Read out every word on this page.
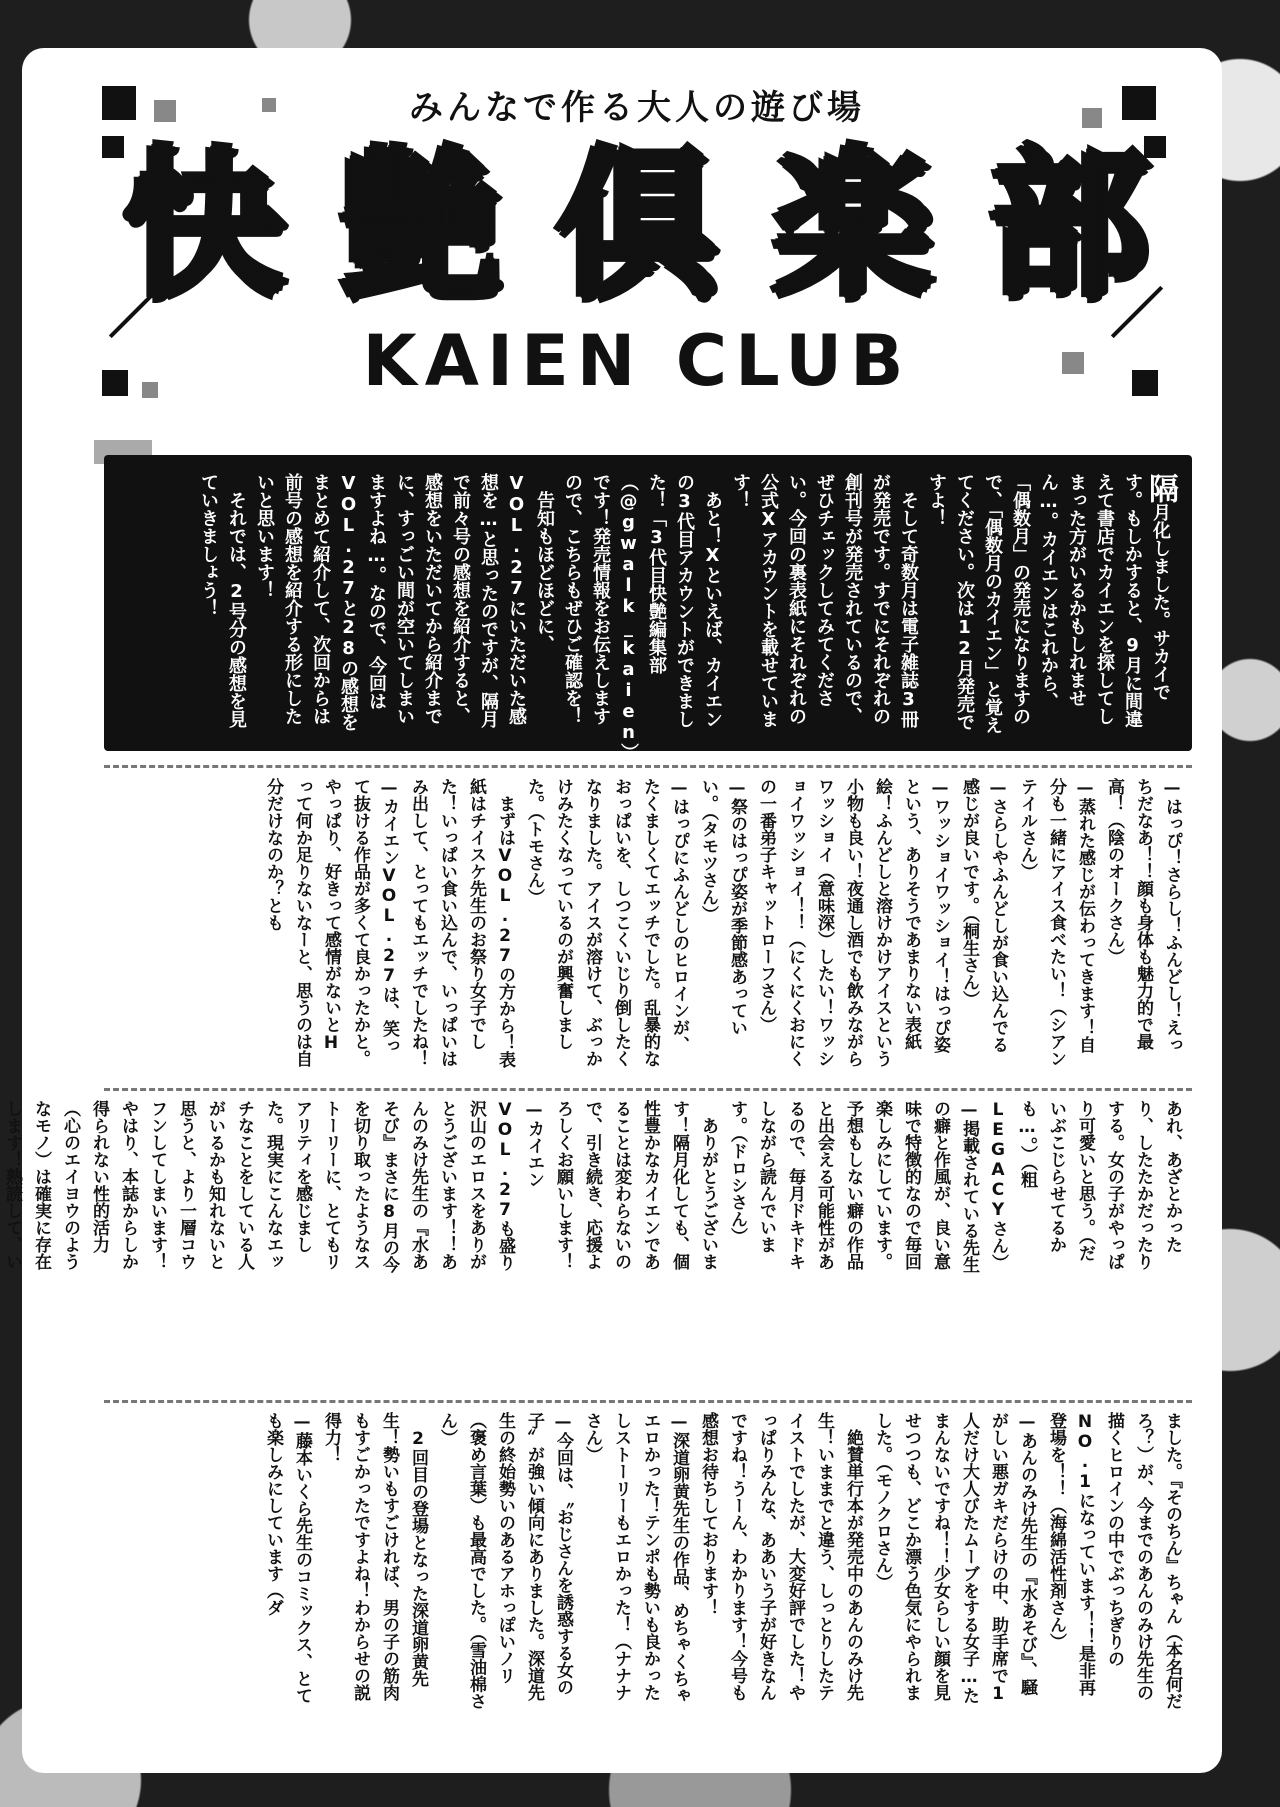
みんなで作る大人の遊び場
快 艶 倶 楽 部
KAIEN CLUB
隔月化しました。サカイです。もしかすると、9月に間違えて書店でカイエンを探してしまった方がいるかもしれません…。カイエンはこれから、「偶数月」の発売になりますので、「偶数月のカイエン」と覚えてください。次は12月発売ですよ！
　そして奇数月は電子雑誌3冊が発売です。すでにそれぞれの創刊号が発売されているので、ぜひチェックしてみてください。今回の裏表紙にそれぞれの公式Xアカウントを載せています！
　あと！Xといえば、カイエンの3代目アカウントができました！「3代目快艶編集部（@gwalk_kaien）」です！発売情報をお伝えしますので、こちらもぜひご確認を！
　告知もほどほどに、VOL.27にいただいた感想を…と思ったのですが、隔月で前々号の感想を紹介すると、感想をいただいてから紹介までに、すっごい間が空いてしまいますよね…。なので、今回はVOL.27と28の感想をまとめて紹介して、次回からは前号の感想を紹介する形にしたいと思います！
　それでは、2号分の感想を見ていきましょう！
—はっぴ！さらし！ふんどし！えっちだなあ！！顔も身体も魅力的で最高！（陰のオークさん）
—蒸れた感じが伝わってきます！自分も一緒にアイス食べたい！（シアンテイルさん）
—さらしやふんどしが食い込んでる感じが良いです。（桐生さん）
—ワッショイワッショイ！はっぴ姿という、ありそうであまりない表紙絵！ふんどしと溶けかけアイスという小物も良い！夜通し酒でも飲みながらワッショイ（意味深）したい！ワッショイワッショイ！！（にくにくおにくの一番弟子キャットローフさん）
—祭のはっぴ姿が季節感あっていい。（タモツさん）
—はっぴにふんどしのヒロインが、たくましくてエッチでした。乱暴的なおっぱいを、しつこくいじり倒したくなりました。アイスが溶けて、ぶっかけみたくなっているのが興奮しました。（トモさん）
　まずはVOL.27の方から！表紙はチイスケ先生のお祭り女子でした！いっぱい食い込んで、いっぱいはみ出して、とってもエッチでしたね！
—カイエンVOL.27は、笑って抜ける作品が多くて良かったかと。やっぱり、好きって感情がないとHって何か足りないなーと、思うのは自分だけなのか？とも
あれ、あざとかったり、したたかだったりする。女の子がやっぱり可愛いと思う。（だいぶこじらせてるかも…。）（粗LEGACYさん）
—掲載されている先生の癖と作風が、良い意味で特徴的なので毎回楽しみにしています。予想もしない癖の作品と出会える可能性があるので、毎月ドキドキしながら読んでいます。（ドロシさん）
　ありがとうございます！隔月化しても、個性豊かなカイエンであることは変わらないので、引き続き、応援よろしくお願いします！
—カイエンVOL.27も盛り沢山のエロスをありがとうございます！！あんのみけ先生の『水あそび』まさに8月の今を切り取ったようなストーリーに、とてもリアリティを感じました。現実にこんなエッチなことをしている人がいるかも知れないと思うと、より一層コウフンしてしまいます！やはり、本誌からしか得られない性的活力（心のエイヨウのようなモノ）は確実に存在します！熟読して、い

ました。『そのちん』ちゃん（本名何だろ？）が、今までのあんのみけ先生の描くヒロインの中でぶっちぎりのNO.1になっています！！是非再登場を！！（海綿活性剤さん）
—あんのみけ先生の『水あそび』、騒がしい悪ガキだらけの中、助手席で1人だけ大人びたムーブをする女子…たまんないですね！！少女らしい顔を見せつつも、どこか漂う色気にやられました。（モノクロさん）
　絶賛単行本が発売中のあんのみけ先生！いままでと違う、しっとりしたテイストでしたが、大変好評でした！やっぱりみんな、ああいう子が好きなんですね！うーん、わかります！今号も感想お待ちしております！
—深道卵黄先生の作品、めちゃくちゃエロかった！テンポも勢いも良かったしストーリーもエロかった！（ナナナさん）
—今回は、〝おじさんを誘惑する女の子〟が強い傾向にありました。深道先生の終始勢いのあるアホっぽいノリ（褒め言葉）も最高でした。（雪油棉さん）
　2回目の登場となった深道卵黄先生！勢いもすごければ、男の子の筋肉もすごかったですよね！わからせの説得力！
—藤本いくら先生のコミックス、とても楽しみにしています（ダ
